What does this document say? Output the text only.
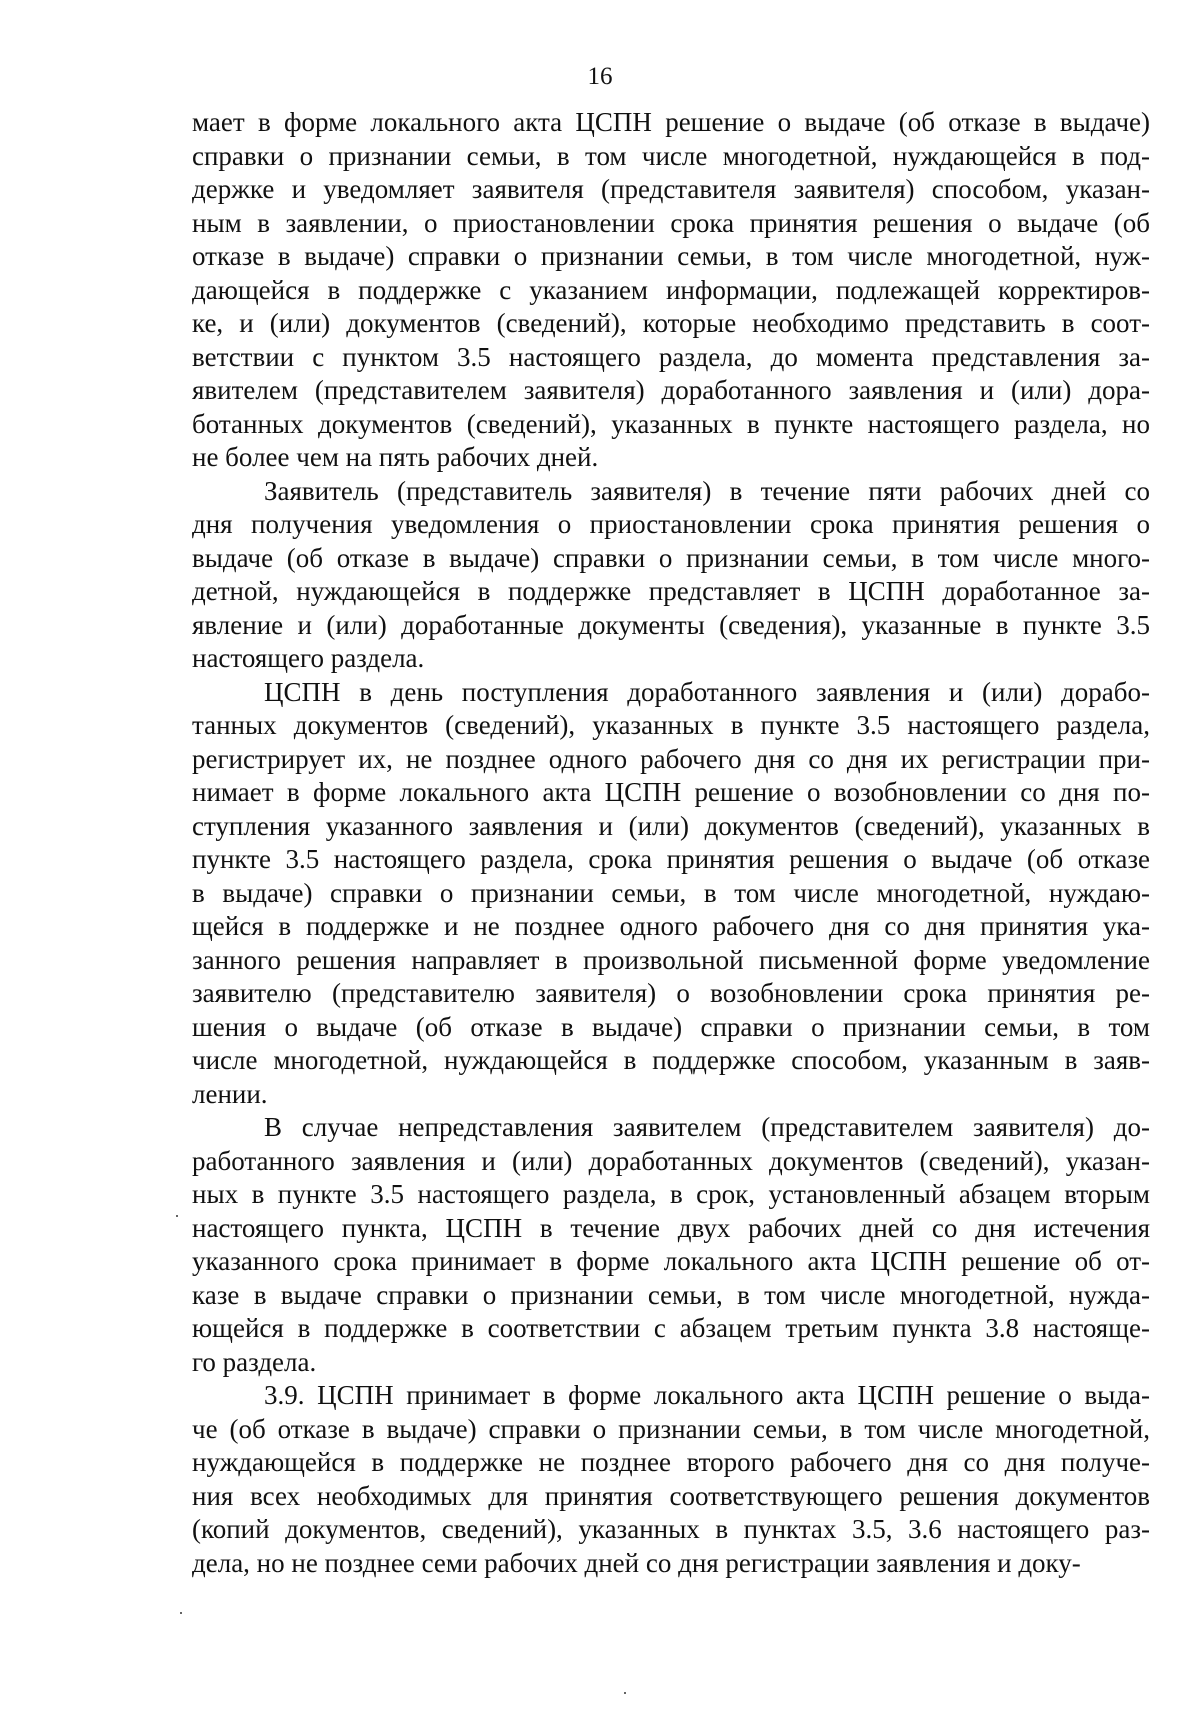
16
мает в форме локального акта ЦСПН решение о выдаче (об отказе в выдаче)
справки о признании семьи, в том числе многодетной, нуждающейся в под-
держке и уведомляет заявителя (представителя заявителя) способом, указан-
ным в заявлении, о приостановлении срока принятия решения о выдаче (об
отказе в выдаче) справки о признании семьи, в том числе многодетной, нуж-
дающейся в поддержке с указанием информации, подлежащей корректиров-
ке, и (или) документов (сведений), которые необходимо представить в соот-
ветствии с пунктом 3.5 настоящего раздела, до момента представления за-
явителем (представителем заявителя) доработанного заявления и (или) дора-
ботанных документов (сведений), указанных в пункте настоящего раздела, но
не более чем на пять рабочих дней.
Заявитель (представитель заявителя) в течение пяти рабочих дней со
дня получения уведомления о приостановлении срока принятия решения о
выдаче (об отказе в выдаче) справки о признании семьи, в том числе много-
детной, нуждающейся в поддержке представляет в ЦСПН доработанное за-
явление и (или) доработанные документы (сведения), указанные в пункте 3.5
настоящего раздела.
ЦСПН в день поступления доработанного заявления и (или) дорабо-
танных документов (сведений), указанных в пункте 3.5 настоящего раздела,
регистрирует их, не позднее одного рабочего дня со дня их регистрации при-
нимает в форме локального акта ЦСПН решение о возобновлении со дня по-
ступления указанного заявления и (или) документов (сведений), указанных в
пункте 3.5 настоящего раздела, срока принятия решения о выдаче (об отказе
в выдаче) справки о признании семьи, в том числе многодетной, нуждаю-
щейся в поддержке и не позднее одного рабочего дня со дня принятия ука-
занного решения направляет в произвольной письменной форме уведомление
заявителю (представителю заявителя) о возобновлении срока принятия ре-
шения о выдаче (об отказе в выдаче) справки о признании семьи, в том
числе многодетной, нуждающейся в поддержке способом, указанным в заяв-
лении.
В случае непредставления заявителем (представителем заявителя) до-
работанного заявления и (или) доработанных документов (сведений), указан-
ных в пункте 3.5 настоящего раздела, в срок, установленный абзацем вторым
настоящего пункта, ЦСПН в течение двух рабочих дней со дня истечения
указанного срока принимает в форме локального акта ЦСПН решение об от-
казе в выдаче справки о признании семьи, в том числе многодетной, нужда-
ющейся в поддержке в соответствии с абзацем третьим пункта 3.8 настояще-
го раздела.
3.9. ЦСПН принимает в форме локального акта ЦСПН решение о выда-
че (об отказе в выдаче) справки о признании семьи, в том числе многодетной,
нуждающейся в поддержке не позднее второго рабочего дня со дня получе-
ния всех необходимых для принятия соответствующего решения документов
(копий документов, сведений), указанных в пунктах 3.5, 3.6 настоящего раз-
дела, но не позднее семи рабочих дней со дня регистрации заявления и доку-
